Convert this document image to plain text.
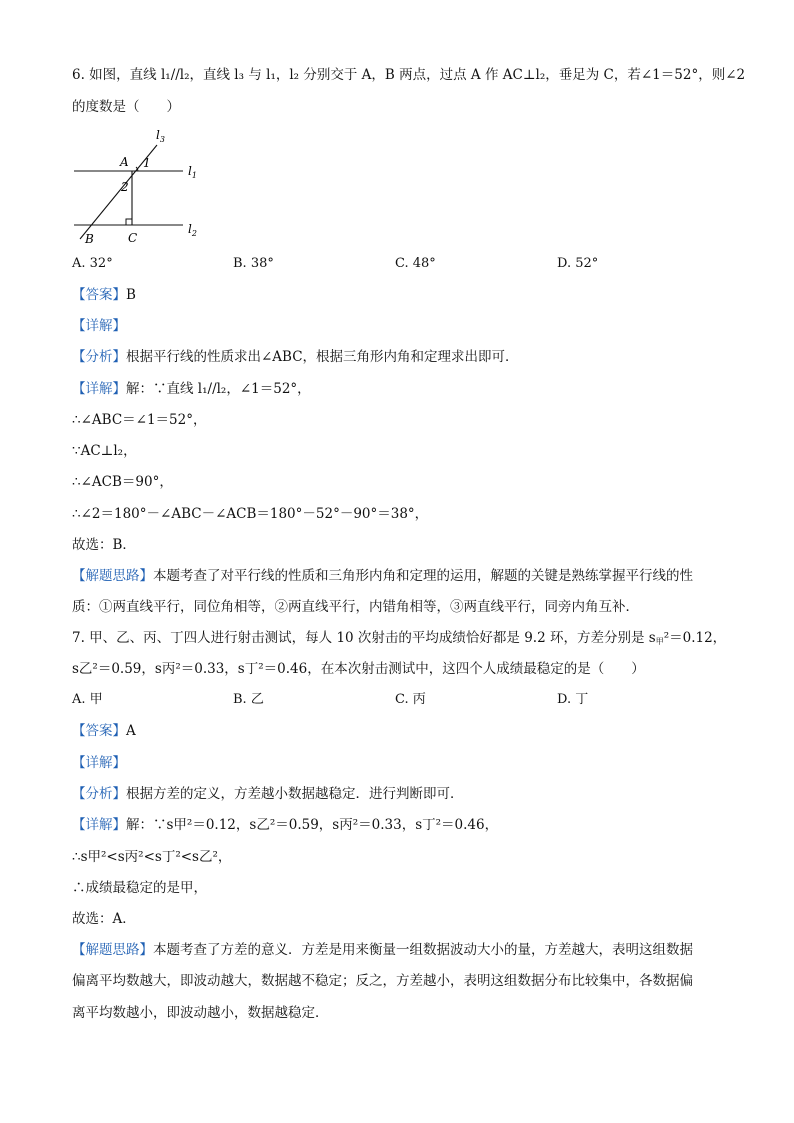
6. 如图，直线 l₁//l₂，直线 l₃ 与 l₁，l₂ 分别交于 A，B 两点，过点 A 作 AC⊥l₂，垂足为 C，若∠1＝52°，则∠2
的度数是（　　）
$l_3$
$l_1$
$l_2$
A 1
2
B	C
A. 32°	B. 38°	C. 48°	D. 52°
【答案】B
【详解】
【分析】根据平行线的性质求出∠ABC，根据三角形内角和定理求出即可．
【详解】解：∵直线 l₁//l₂，∠1＝52°，
∴∠ABC＝∠1＝52°，
∵AC⊥l₂，
∴∠ACB＝90°，
∴∠2＝180°－∠ABC－∠ACB＝180°－52°－90°＝38°，
故选：B．
【解题思路】本题考查了对平行线的性质和三角形内角和定理的运用，解题的关键是熟练掌握平行线的性
质：①两直线平行，同位角相等，②两直线平行，内错角相等，③两直线平行，同旁内角互补．
7. 甲、乙、丙、丁四人进行射击测试，每人 10 次射击的平均成绩恰好都是 9.2 环，方差分别是 $s_甲^2=0.12$，
s乙²＝0.59，s丙²＝0.33，s丁²＝0.46，在本次射击测试中，这四个人成绩最稳定的是（　　）
A. 甲	B. 乙	C. 丙	D. 丁
【答案】A
【详解】
【分析】根据方差的定义，方差越小数据越稳定．进行判断即可．
【详解】解：∵s甲²＝0.12，s乙²＝0.59，s丙²＝0.33，s丁²＝0.46，
∴s甲²<s丙²<s丁²<s乙²，
∴成绩最稳定的是甲，
故选：A．
【解题思路】本题考查了方差的意义．方差是用来衡量一组数据波动大小的量，方差越大，表明这组数据
偏离平均数越大，即波动越大，数据越不稳定；反之，方差越小，表明这组数据分布比较集中，各数据偏
离平均数越小，即波动越小，数据越稳定．
